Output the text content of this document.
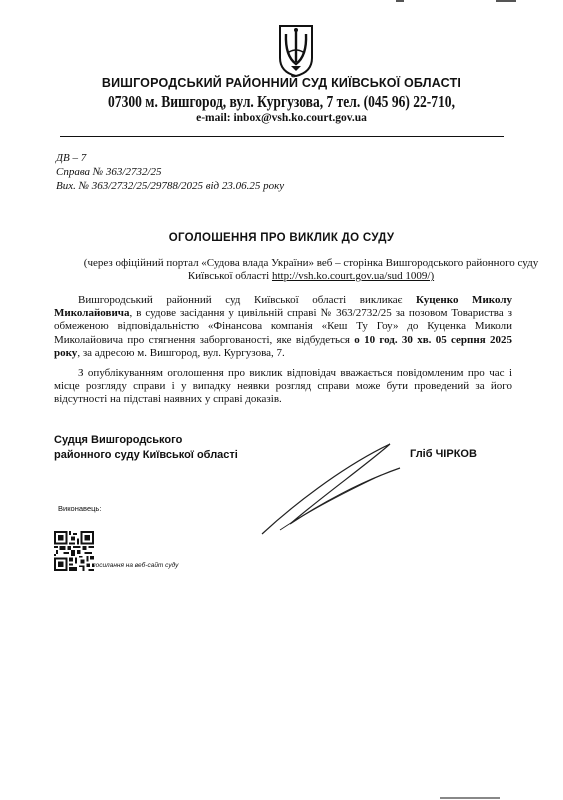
ВИШГОРОДСЬКИЙ РАЙОННИЙ СУД КИЇВСЬКОЇ ОБЛАСТІ
07300 м. Вишгород, вул. Кургузова, 7 тел. (045 96) 22-710,
e-mail: inbox@vsh.ko.court.gov.ua
ДВ – 7
Справа № 363/2732/25
Вих. № 363/2732/25/29788/2025 від 23.06.25 року
ОГОЛОШЕННЯ ПРО ВИКЛИК ДО СУДУ
(через офіційний портал «Судова влада України» веб – сторінка Вишгородського районного суду Київської області http://vsh.ko.court.gov.ua/sud 1009/)
Вишгородський районний суд Київської області викликає Куценко Миколу Миколайовича, в судове засідання у цивільній справі № 363/2732/25 за позовом Товариства з обмеженою відповідальністю «Фінансова компанія «Кеш Ту Гоу» до Куценка Миколи Миколайовича про стягнення заборгованості, яке відбудеться о 10 год. 30 хв. 05 серпня 2025 року, за адресою м. Вишгород, вул. Кургузова, 7.
З опублікуванням оголошення про виклик відповідач вважається повідомленим про час і місце розгляду справи і у випадку неявки розгляд справи може бути проведений за його відсутності на підставі наявних у справі доказів.
Судця Вишгородського
районного суду Київської області	Гліб ЧІРКОВ
Виконавець:
посилання на веб-сайт суду
